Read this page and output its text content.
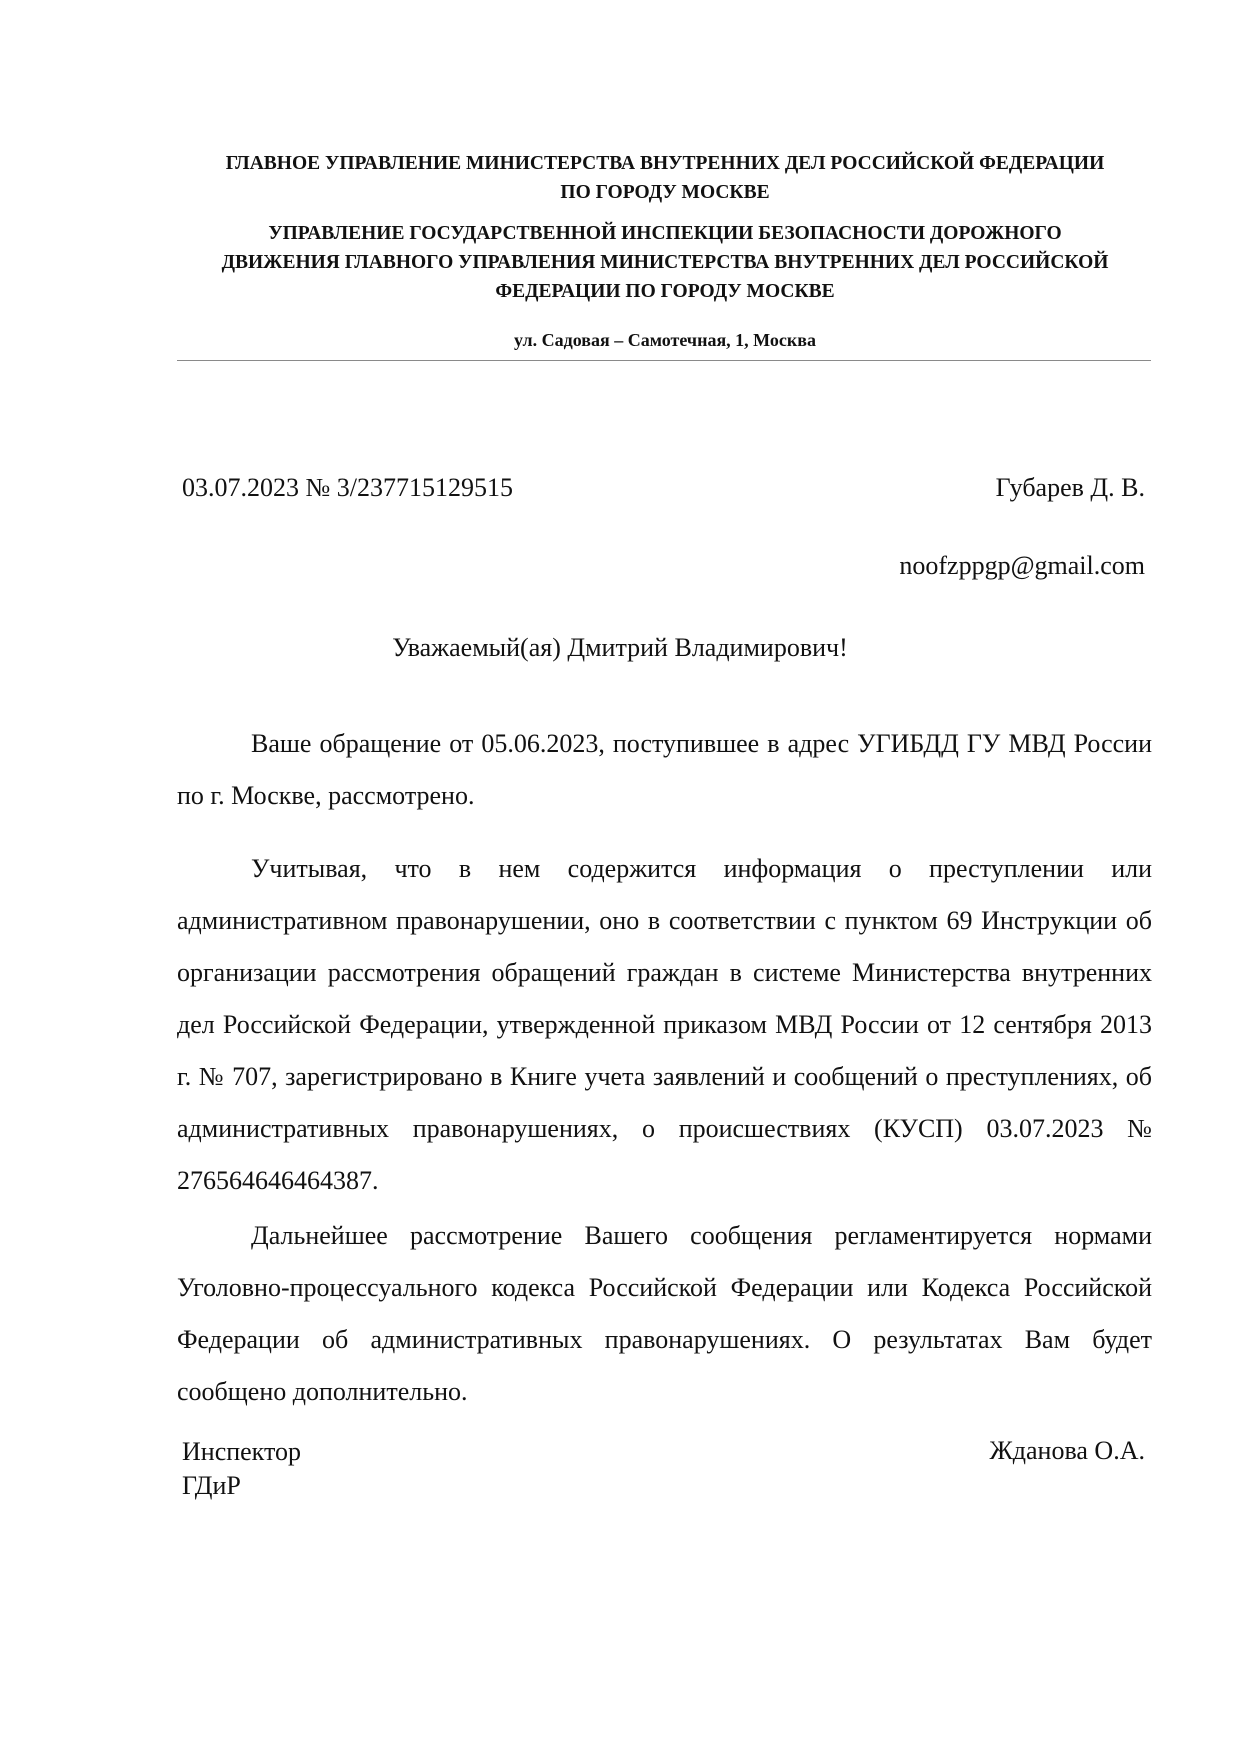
ГЛАВНОЕ УПРАВЛЕНИЕ МИНИСТЕРСТВА ВНУТРЕННИХ ДЕЛ РОССИЙСКОЙ ФЕДЕРАЦИИ
ПО ГОРОДУ МОСКВЕ
УПРАВЛЕНИЕ ГОСУДАРСТВЕННОЙ ИНСПЕКЦИИ БЕЗОПАСНОСТИ ДОРОЖНОГО
ДВИЖЕНИЯ ГЛАВНОГО УПРАВЛЕНИЯ МИНИСТЕРСТВА ВНУТРЕННИХ ДЕЛ РОССИЙСКОЙ
ФЕДЕРАЦИИ ПО ГОРОДУ МОСКВЕ
ул. Садовая – Самотечная, 1, Москва
03.07.2023 № 3/237715129515	Губарев Д. В.
noofzppgp@gmail.com
Уважаемый(ая) Дмитрий Владимирович!

Ваше обращение от 05.06.2023, поступившее в адрес УГИБДД ГУ МВД России по г. Москве, рассмотрено.

Учитывая, что в нем содержится информация о преступлении или административном правонарушении, оно в соответствии с пунктом 69 Инструкции об организации рассмотрения обращений граждан в системе Министерства внутренних дел Российской Федерации, утвержденной приказом МВД России от 12 сентября 2013 г. № 707, зарегистрировано в Книге учета заявлений и сообщений о преступлениях, об административных правонарушениях, о происшествиях (КУСП) 03.07.2023 № 276564646464387.

Дальнейшее рассмотрение Вашего сообщения регламентируется нормами Уголовно-процессуального кодекса Российской Федерации или Кодекса Российской Федерации об административных правонарушениях. О результатах Вам будет сообщено дополнительно.

Инспектор
ГДиР
Жданова О.А.
